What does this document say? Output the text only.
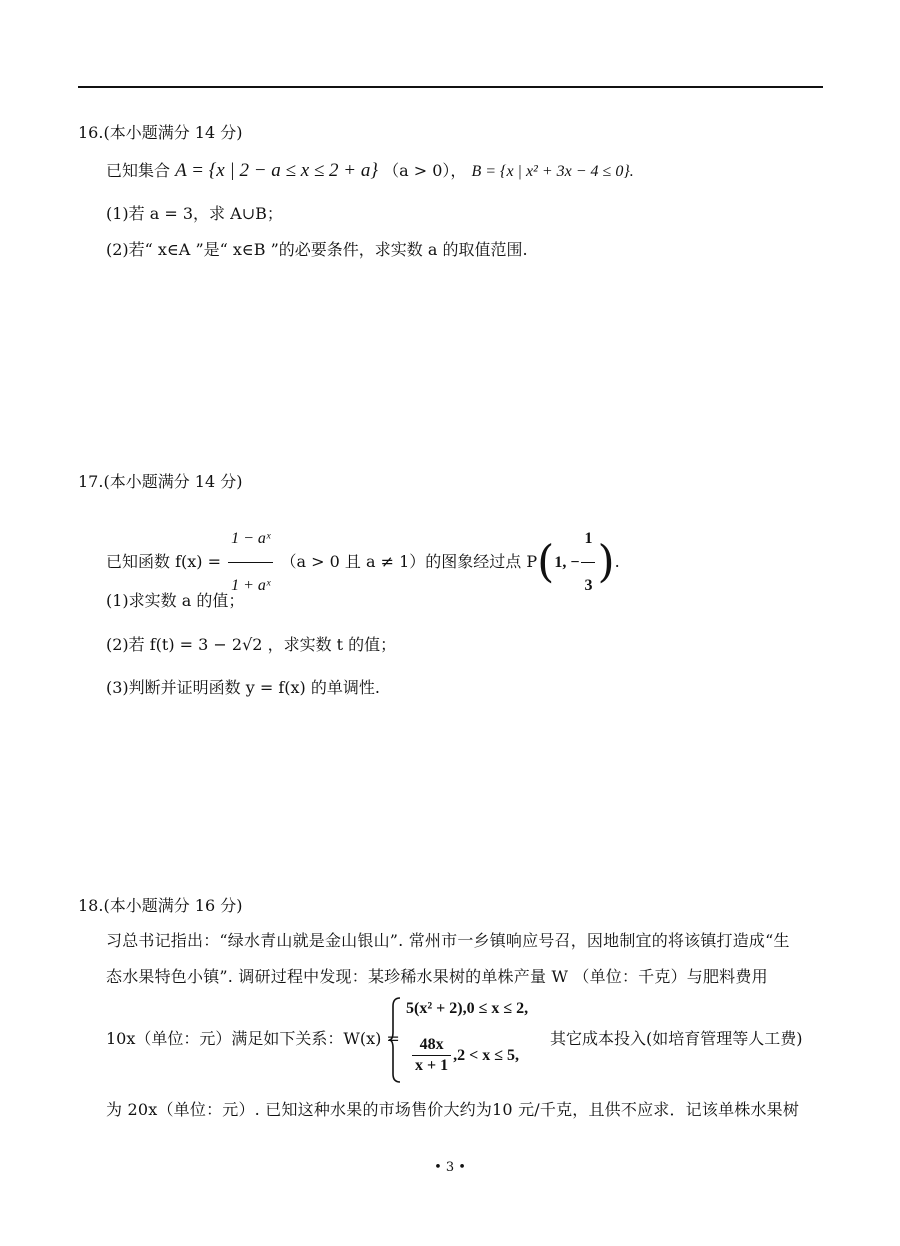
16.(本小题满分 14 分)
已知集合 A = {x | 2 − a ≤ x ≤ 2 + a} （a > 0）， B = {x | x² + 3x − 4 ≤ 0}.
(1)若 a = 3，求 A∪B；
(2)若“ x∈A ”是“ x∈B ”的必要条件，求实数 a 的取值范围.
17.(本小题满分 14 分)
已知函数 $f(x) = \frac{\text{1 − aˣ}}{\text{1 + aˣ}} (a > 0$ 且 a ≠ 1）的图象经过点 P(1, − $\frac{1}{3}$ ).
(1)求实数 a 的值；
(2)若 f(t) = 3 − 2√2 ，求实数 t 的值；
(3)判断并证明函数 y = f(x) 的单调性.
18.(本小题满分 16 分)
习总书记指出：“绿水青山就是金山银山”. 常州市一乡镇响应号召，因地制宜的将该镇打造成“生
态水果特色小镇”. 调研过程中发现：某珍稀水果树的单株产量 W （单位：千克）与肥料费用
10x（单位：元）满足如下关系：W(x) =
5(x² + 2),0 ≤ x ≤ 2,
$\frac{48x}{x + 1} ,2 < x \le 5$,
其它成本投入(如培育管理等人工费)
为 20x（单位：元）. 已知这种水果的市场售价大约为10 元/千克，且供不应求．记该单株水果树
• 3 •
